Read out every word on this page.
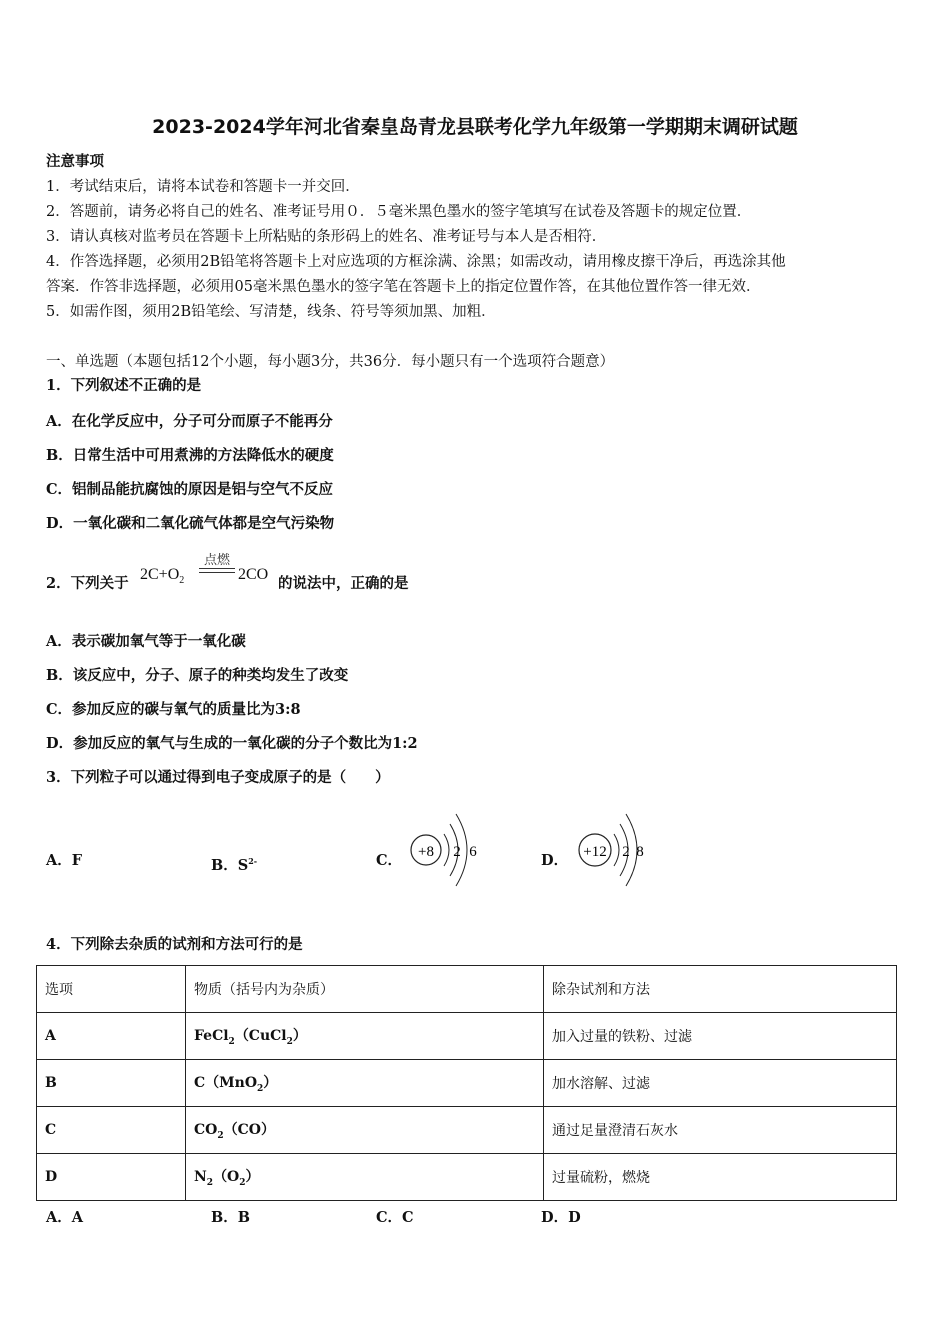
2023-2024学年河北省秦皇岛青龙县联考化学九年级第一学期期末调研试题
注意事项
1．考试结束后，请将本试卷和答题卡一并交回．
2．答题前，请务必将自己的姓名、准考证号用０．５毫米黑色墨水的签字笔填写在试卷及答题卡的规定位置．
3．请认真核对监考员在答题卡上所粘贴的条形码上的姓名、准考证号与本人是否相符．
4．作答选择题，必须用2B铅笔将答题卡上对应选项的方框涂满、涂黑；如需改动，请用橡皮擦干净后，再选涂其他
答案．作答非选择题，必须用05毫米黑色墨水的签字笔在答题卡上的指定位置作答，在其他位置作答一律无效．
5．如需作图，须用2B铅笔绘、写清楚，线条、符号等须加黑、加粗．
一、单选题（本题包括12个小题，每小题3分，共36分．每小题只有一个选项符合题意）
1．下列叙述不正确的是
A．在化学反应中，分子可分而原子不能再分
B．日常生活中可用煮沸的方法降低水的硬度
C．铝制品能抗腐蚀的原因是铝与空气不反应
D．一氧化碳和二氧化硫气体都是空气污染物
2．下列关于
$2C+O_2$
点燃
2CO
的说法中，正确的是
A．表示碳加氧气等于一氧化碳
B．该反应中，分子、原子的种类均发生了改变
C．参加反应的碳与氧气的质量比为3:8
D．参加反应的氧气与生成的一氧化碳的分子个数比为1:2
3．下列粒子可以通过得到电子变成原子的是（　　）
A．F	B．$S^{2-}$	C．	D．
+8 2 6	+12 2 8
4．下列除去杂质的试剂和方法可行的是
选项	物质（括号内为杂质）	除杂试剂和方法
A	FeCl$_2$（CuCl$_2$）	加入过量的铁粉、过滤
B	C（MnO$_2$）	加水溶解、过滤
C	$CO_2(CO)$	通过足量澄清石灰水
D	$N_2(O_2)$	过量硫粉，燃烧
A．A	B．B	C．C	D．D
